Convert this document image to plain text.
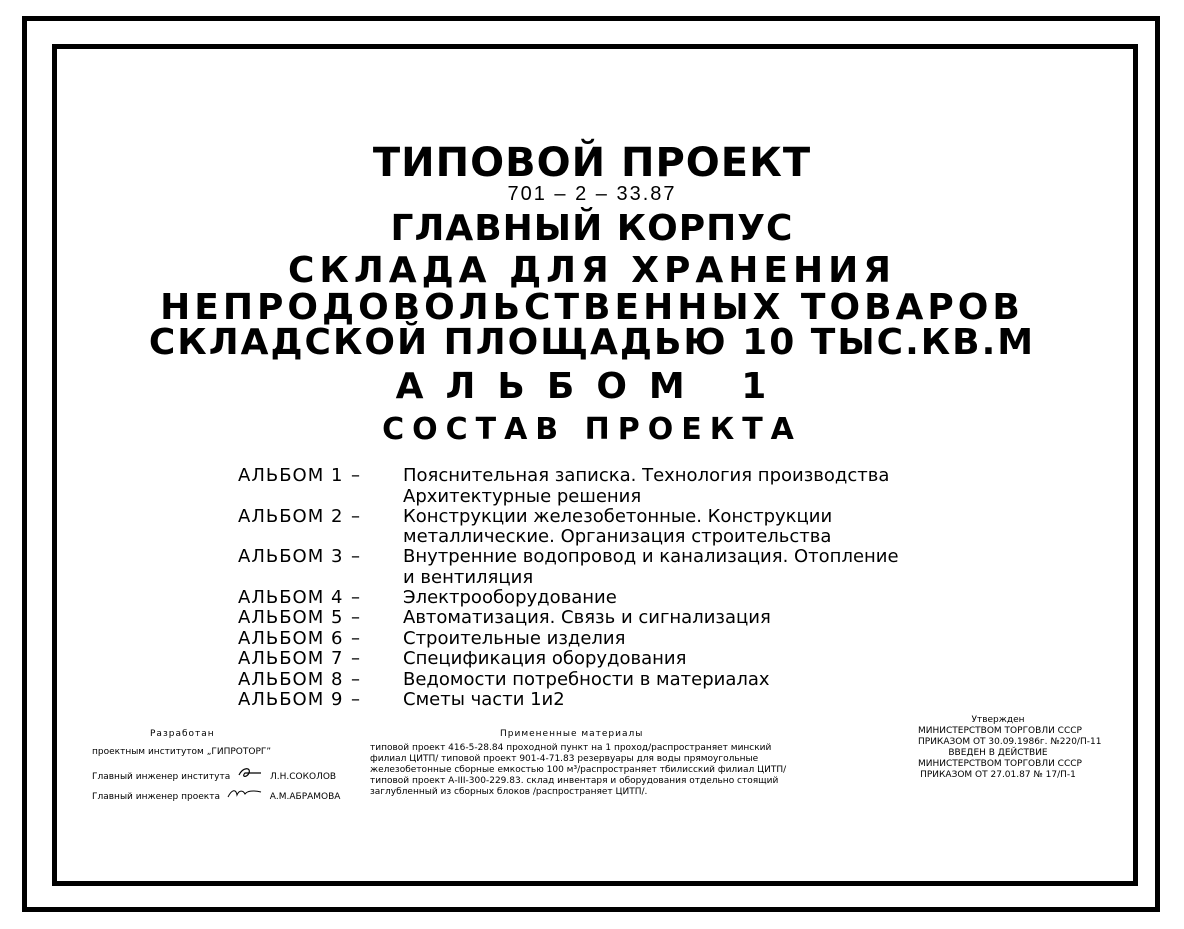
ТИПОВОЙ ПРОЕКТ
701 – 2 – 33.87
ГЛАВНЫЙ КОРПУС
СКЛАДА ДЛЯ ХРАНЕНИЯ
НЕПРОДОВОЛЬСТВЕННЫХ ТОВАРОВ
СКЛАДСКОЙ ПЛОЩАДЬЮ 10 ТЫС.КВ.М
АЛЬБОМ 1
СОСТАВ ПРОЕКТА
АЛЬБОМ 1 – Пояснительная записка. Технология производства
Архитектурные решения
АЛЬБОМ 2 – Конструкции железобетонные. Конструкции
металлические. Организация строительства
АЛЬБОМ 3 – Внутренние водопровод и канализация. Отопление
и вентиляция
АЛЬБОМ 4 – Электрооборудование
АЛЬБОМ 5 – Автоматизация. Связь и сигнализация
АЛЬБОМ 6 – Строительные изделия
АЛЬБОМ 7 – Спецификация оборудования
АЛЬБОМ 8 – Ведомости потребности в материалах
АЛЬБОМ 9 – Сметы части 1и2
Разработан
проектным институтом „ГИПРОТОРГ”
Главный инженер института	Л.Н.СОКОЛОВ
Главный инженер проекта	А.М.АБРАМОВА
Примененные материалы
типовой проект 416-5-28.84 проходной пункт на 1 проход/распространяет минский
филиал ЦИТП/ типовой проект 901-4-71.83 резервуары для воды прямоугольные
железобетонные сборные емкостью 100 м³/распространяет тбилисский филиал ЦИТП/
типовой проект А-III-300-229.83. склад инвентаря и оборудования отдельно стоящий
заглубленный из сборных блоков /распространяет ЦИТП/.
Утвержден
МИНИСТЕРСТВОМ ТОРГОВЛИ СССР
ПРИКАЗОМ ОТ 30.09.1986г. №220/П-11
ВВЕДЕН В ДЕЙСТВИЕ
МИНИСТЕРСТВОМ ТОРГОВЛИ СССР
ПРИКАЗОМ ОТ 27.01.87 № 17/П-1
